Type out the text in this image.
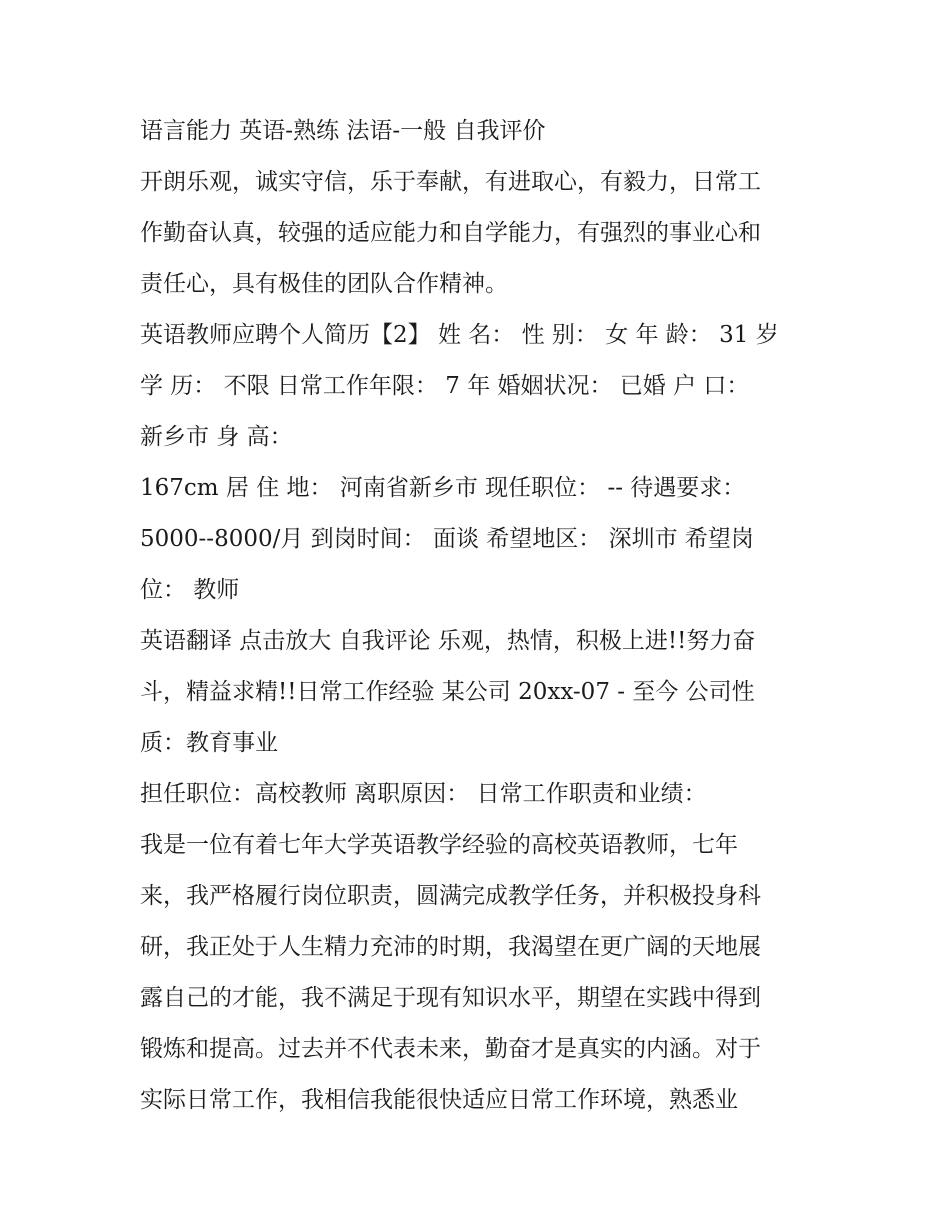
语言能力 英语-熟练 法语-一般 自我评价
开朗乐观，诚实守信，乐于奉献，有进取心，有毅力，日常工
作勤奋认真，较强的适应能力和自学能力，有强烈的事业心和
责任心，具有极佳的团队合作精神。
英语教师应聘个人简历【2】 姓 名： 性 别： 女 年 龄： 31 岁
学 历： 不限 日常工作年限： 7 年 婚姻状况： 已婚 户 口：
新乡市 身 高：
167cm 居 住 地： 河南省新乡市 现任职位： -- 待遇要求：
5000--8000/月 到岗时间： 面谈 希望地区： 深圳市 希望岗
位： 教师
英语翻译 点击放大 自我评论 乐观，热情，积极上进!!努力奋
斗，精益求精!!日常工作经验 某公司 20xx-07 - 至今 公司性
质：教育事业
担任职位：高校教师 离职原因： 日常工作职责和业绩：
我是一位有着七年大学英语教学经验的高校英语教师，七年
来，我严格履行岗位职责，圆满完成教学任务，并积极投身科
研，我正处于人生精力充沛的时期，我渴望在更广阔的天地展
露自己的才能，我不满足于现有知识水平，期望在实践中得到
锻炼和提高。过去并不代表未来，勤奋才是真实的内涵。对于
实际日常工作，我相信我能很快适应日常工作环境，熟悉业
